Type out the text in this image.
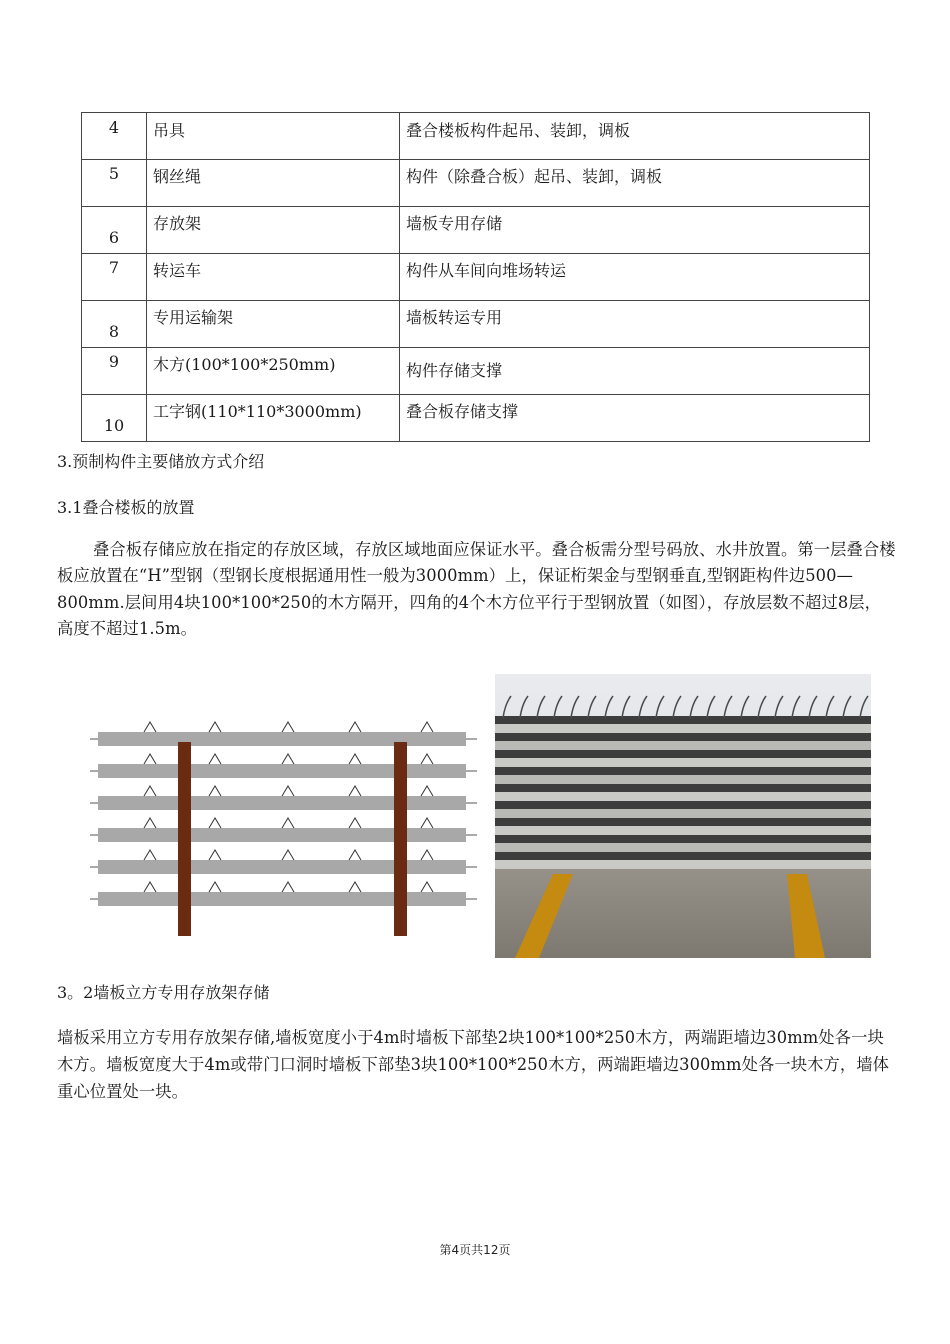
4	吊具	叠合楼板构件起吊、装卸，调板
5	钢丝绳	构件（除叠合板）起吊、装卸，调板
6	存放架	墙板专用存储
7	转运车	构件从车间向堆场转运
8	专用运输架	墙板转运专用
9	木方(100*100*250mm)	构件存储支撑
10	工字钢(110*110*3000mm)	叠合板存储支撑

3.预制构件主要储放方式介绍

3.1叠合楼板的放置

叠合板存储应放在指定的存放区域，存放区域地面应保证水平。叠合板需分型号码放、水井放置。第一层叠合楼板应放置在“H”型钢（型钢长度根据通用性一般为3000mm）上，保证桁架金与型钢垂直,型钢距构件边500—800mm.层间用4块100*100*250的木方隔开，四角的4个木方位平行于型钢放置（如图），存放层数不超过8层，高度不超过1.5m。

3。2墙板立方专用存放架存储

墙板采用立方专用存放架存储,墙板宽度小于4m时墙板下部垫2块100*100*250木方，两端距墙边30mm处各一块木方。墙板宽度大于4m或带门口洞时墙板下部垫3块100*100*250木方，两端距墙边300mm处各一块木方，墙体重心位置处一块。

第4页共12页
